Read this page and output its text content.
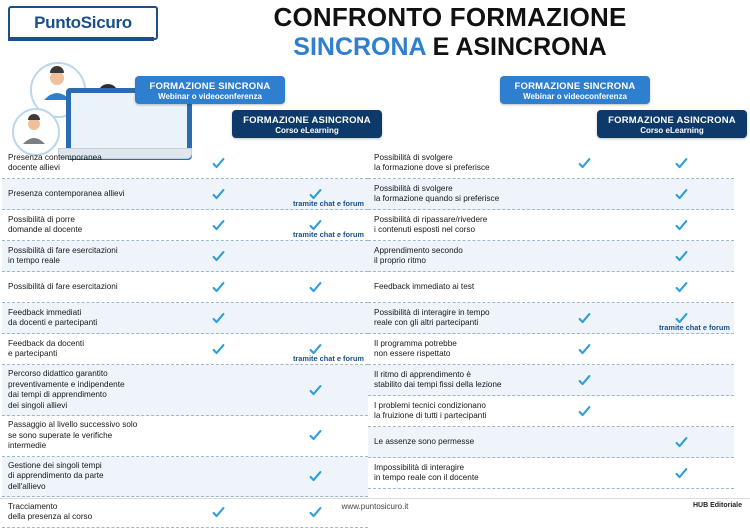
PuntoSicuro	CONFRONTO FORMAZIONE
SINCRONA E ASINCRONA
FORMAZIONE SINCRONA
Webinar o videoconferenza
FORMAZIONE ASINCRONA
Corso eLearning
FORMAZIONE SINCRONA
Webinar o videoconferenza
FORMAZIONE ASINCRONA
Corso eLearning
Presenza contemporanea
docente allievi
Presenza contemporanea allievi
tramite chat e forum
Possibilità di porre
domande al docente
tramite chat e forum
Possibilità di fare esercitazioni
in tempo reale
Possibilità di fare esercitazioni
Feedback immediati
da docenti e partecipanti
Feedback da docenti
e partecipanti
tramite chat e forum
Percorso didattico garantito
preventivamente e indipendente
dai tempi di apprendimento
dei singoli allievi
Passaggio al livello successivo solo
se sono superate le verifiche
intermedie
Gestione dei singoli tempi
di apprendimento da parte
dell'allievo
Tracciamento
della presenza al corso
Possibilità di svolgere
la formazione dove si preferisce
Possibilità di svolgere
la formazione quando si preferisce
Possibilità di ripassare/rivedere
i contenuti esposti nel corso
Apprendimento secondo
il proprio ritmo
Feedback immediato ai test
Possibilità di interagire in tempo
reale con gli altri partecipanti
tramite chat e forum
Il programma potrebbe
non essere rispettato
Il ritmo di apprendimento è
stabilito dai tempi fissi della lezione
I problemi tecnici condizionano
la fruizione di tutti i partecipanti
Le assenze sono permesse
Impossibilità di interagire
in tempo reale con il docente
www.puntosicuro.it	HUB Editoriale
